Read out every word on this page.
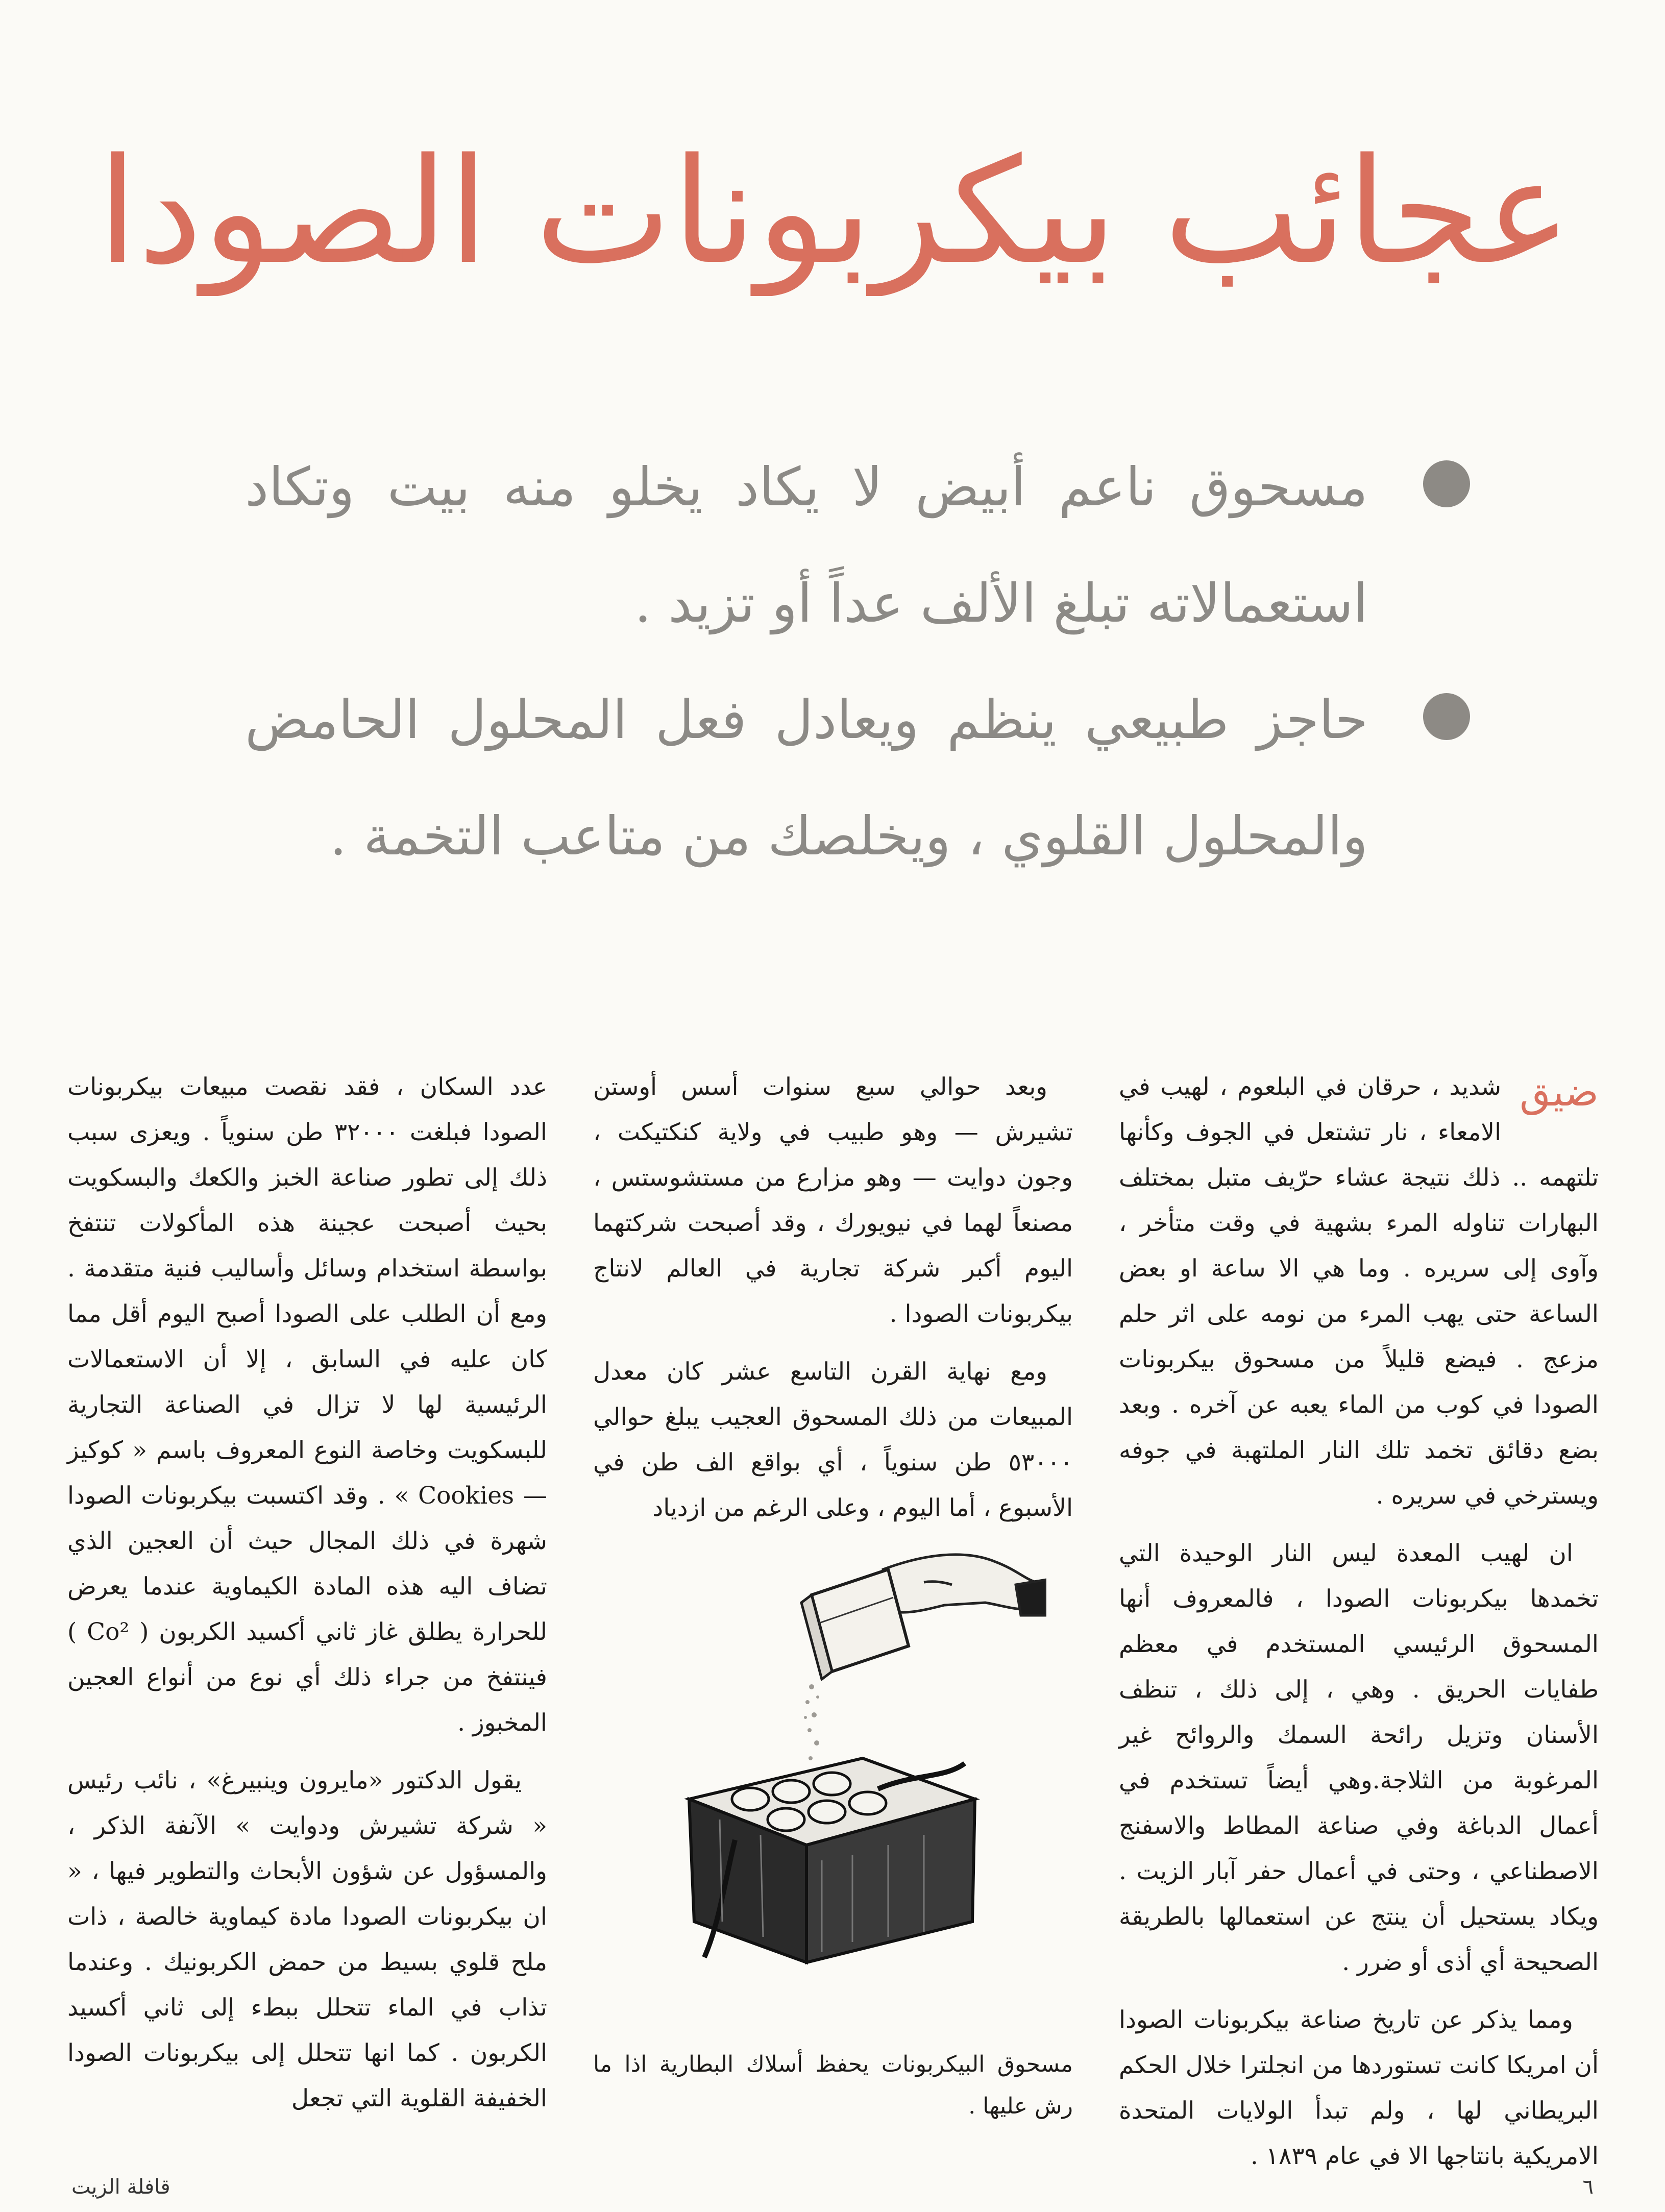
عجائب بيكربونات الصودا
مسحوق ناعم أبيض لا يكاد يخلو منه بيت وتكاد استعمالاته تبلغ الألف عداً أو تزيد .
حاجز طبيعي ينظم ويعادل فعل المحلول الحامض والمحلول القلوي ، ويخلصك من متاعب التخمة .

ضيق
شديد ، حرقان في البلعوم ، لهيب في الامعاء ، نار تشتعل في الجوف وكأنها تلتهمه .. ذلك نتيجة عشاء حرّيف متبل بمختلف البهارات تناوله المرء بشهية في وقت متأخر ، وآوى إلى سريره . وما هي الا ساعة او بعض الساعة حتى يهب المرء من نومه على اثر حلم مزعج . فيضع قليلاً من مسحوق بيكربونات الصودا في كوب من الماء يعبه عن آخره . وبعد بضع دقائق تخمد تلك النار الملتهبة في جوفه ويسترخي في سريره .

ان لهيب المعدة ليس النار الوحيدة التي تخمدها بيكربونات الصودا ، فالمعروف أنها المسحوق الرئيسي المستخدم في معظم طفايات الحريق . وهي ، إلى ذلك ، تنظف الأسنان وتزيل رائحة السمك والروائح غير المرغوبة من الثلاجة.وهي أيضاً تستخدم في أعمال الدباغة وفي صناعة المطاط والاسفنج الاصطناعي ، وحتى في أعمال حفر آبار الزيت . ويكاد يستحيل أن ينتج عن استعمالها بالطريقة الصحيحة أي أذى أو ضرر .

ومما يذكر عن تاريخ صناعة بيكربونات الصودا أن امريكا كانت تستوردها من انجلترا خلال الحكم البريطاني لها ، ولم تبدأ الولايات المتحدة الامريكية بانتاجها الا في عام ١٨٣٩ .

وبعد حوالي سبع سنوات أسس أوستن تشيرش — وهو طبيب في ولاية كنكتيكت ، وجون دوايت — وهو مزارع من مستشوستس ، مصنعاً لهما في نيويورك ، وقد أصبحت شركتهما اليوم أكبر شركة تجارية في العالم لانتاج بيكربونات الصودا .

ومع نهاية القرن التاسع عشر كان معدل المبيعات من ذلك المسحوق العجيب يبلغ حوالي ٥٣٠٠٠ طن سنوياً ، أي بواقع الف طن في الأسبوع ، أما اليوم ، وعلى الرغم من ازدياد

مسحوق البيكربونات يحفظ أسلاك البطارية اذا ما رش عليها .

عدد السكان ، فقد نقصت مبيعات بيكربونات الصودا فبلغت ٣٢٠٠٠ طن سنوياً . ويعزى سبب ذلك إلى تطور صناعة الخبز والكعك والبسكويت بحيث أصبحت عجينة هذه المأكولات تنتفخ بواسطة استخدام وسائل وأساليب فنية متقدمة . ومع أن الطلب على الصودا أصبح اليوم أقل مما كان عليه في السابق ، إلا أن الاستعمالات الرئيسية لها لا تزال في الصناعة التجارية للبسكويت وخاصة النوع المعروف باسم « كوكيز — Cookies » . وقد اكتسبت بيكربونات الصودا شهرة في ذلك المجال حيث أن العجين الذي تضاف اليه هذه المادة الكيماوية عندما يعرض للحرارة يطلق غاز ثاني أكسيد الكربون ( Co² ) فينتفخ من جراء ذلك أي نوع من أنواع العجين المخبوز .

يقول الدكتور «مايرون وينبيرغ» ، نائب رئيس « شركة تشيرش ودوايت » الآنفة الذكر ، والمسؤول عن شؤون الأبحاث والتطوير فيها ، « ان بيكربونات الصودا مادة كيماوية خالصة ، ذات ملح قلوي بسيط من حمض الكربونيك . وعندما تذاب في الماء تتحلل ببطء إلى ثاني أكسيد الكربون . كما انها تتحلل إلى بيكربونات الصودا الخفيفة القلوية التي تجعل

٦
قافلة الزيت
